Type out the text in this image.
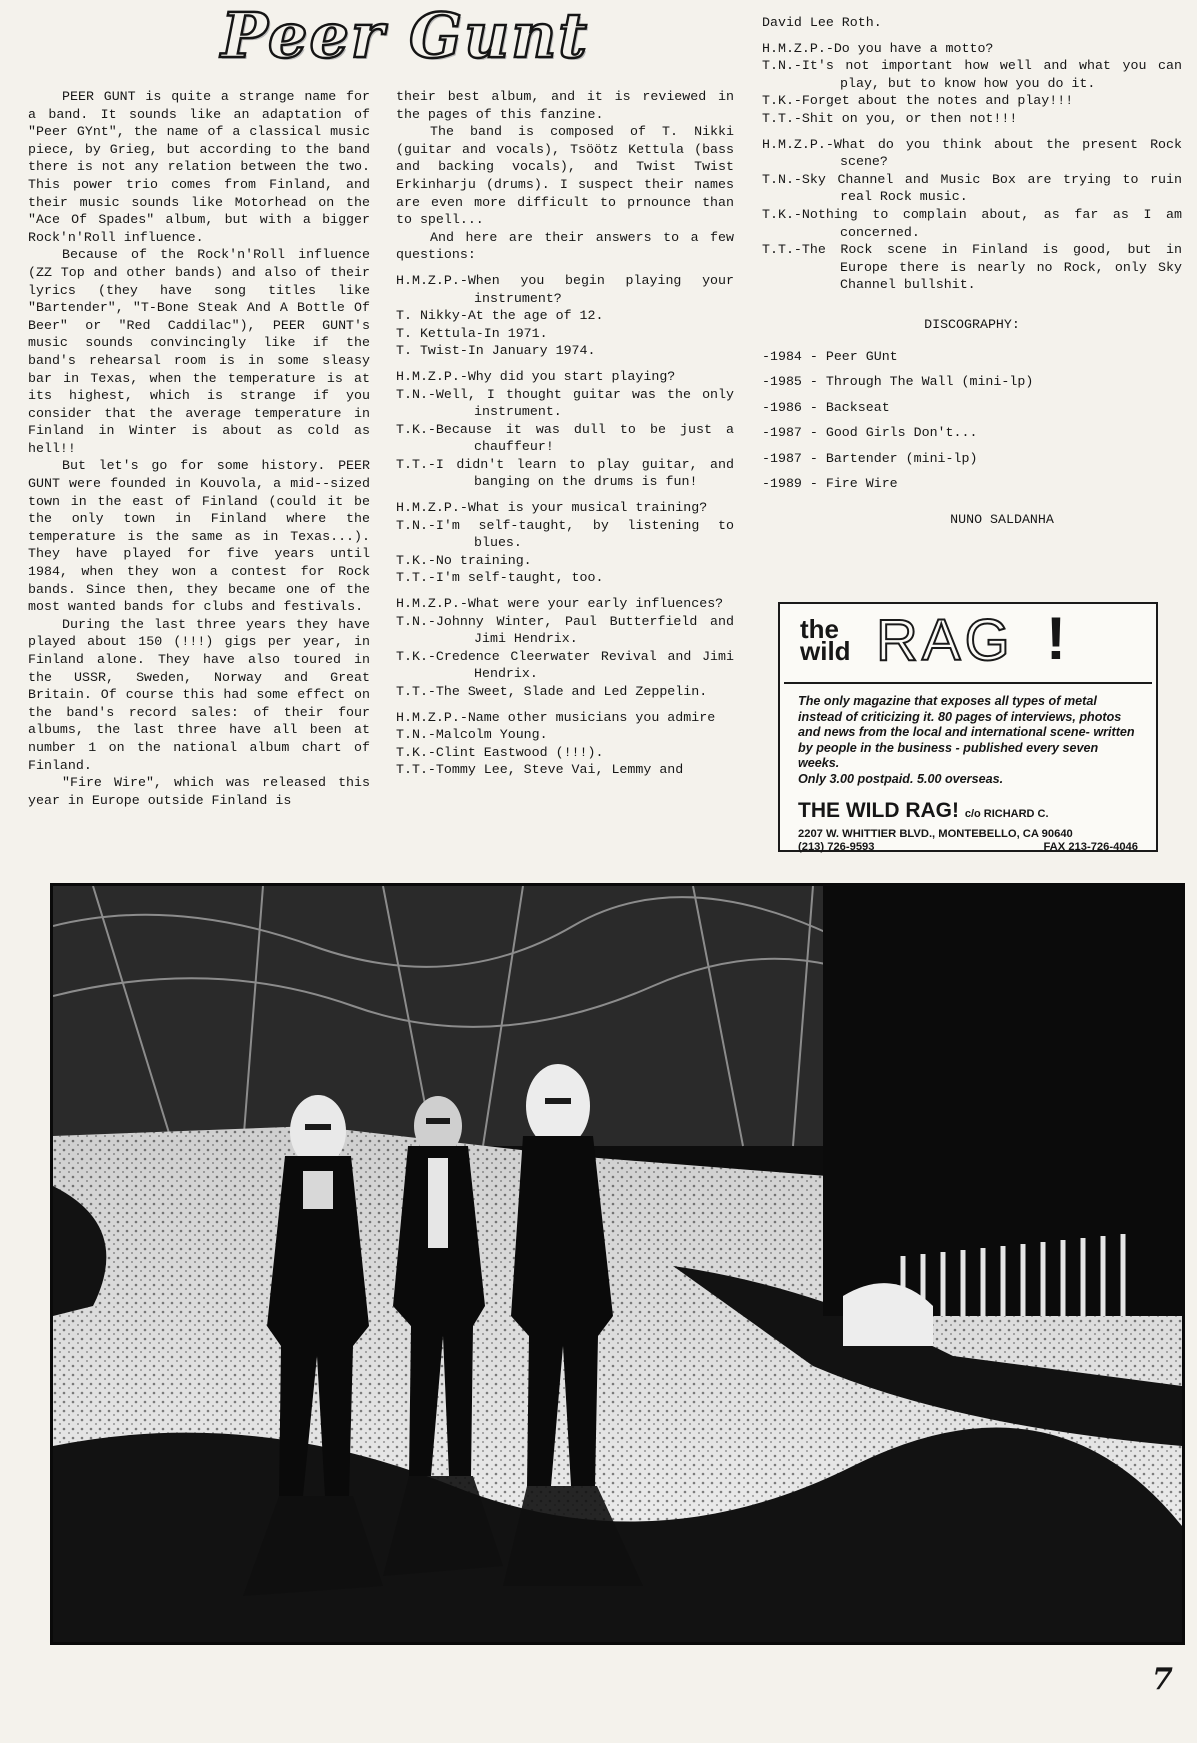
Peer Gunt

PEER GUNT is quite a strange name for a band. It sounds like an adaptation of "Peer GYnt", the name of a classical music piece, by Grieg, but according to the band there is not any relation between the two. This power trio comes from Finland, and their music sounds like Motorhead on the "Ace Of Spades" album, but with a bigger Rock'n'Roll influence.

Because of the Rock'n'Roll influence (ZZ Top and other bands) and also of their lyrics (they have song titles like "Bartender", "T-Bone Steak And A Bottle Of Beer" or "Red Caddilac"), PEER GUNT's music sounds convincingly like if the band's rehearsal room is in some sleasy bar in Texas, when the temperature is at its highest, which is strange if you consider that the average temperature in Finland in Winter is about as cold as hell!!

But let's go for some history. PEER GUNT were founded in Kouvola, a mid--sized town in the east of Finland (could it be the only town in Finland where the temperature is the same as in Texas...). They have played for five years until 1984, when they won a contest for Rock bands. Since then, they became one of the most wanted bands for clubs and festivals.

During the last three years they have played about 150 (!!!) gigs per year, in Finland alone. They have also toured in the USSR, Sweden, Norway and Great Britain. Of course this had some effect on the band's record sales: of their four albums, the last three have all been at number 1 on the national album chart of Finland.

"Fire Wire", which was released this year in Europe outside Finland is

their best album, and it is reviewed in the pages of this fanzine.

The band is composed of T. Nikki (guitar and vocals), Tsöötz Kettula (bass and backing vocals), and Twist Twist Erkinharju (drums). I suspect their names are even more difficult to prnounce than to spell...

And here are their answers to a few questions:

H.M.Z.P.-When you begin playing your instrument?
T. Nikky-At the age of 12.
T. Kettula-In 1971.
T. Twist-In January 1974.
H.M.Z.P.-Why did you start playing?
T.N.-Well, I thought guitar was the only instrument.
T.K.-Because it was dull to be just a chauffeur!
T.T.-I didn't learn to play guitar, and banging on the drums is fun!
H.M.Z.P.-What is your musical training?
T.N.-I'm self-taught, by listening to blues.
T.K.-No training.
T.T.-I'm self-taught, too.
H.M.Z.P.-What were your early influences?
T.N.-Johnny Winter, Paul Butterfield and Jimi Hendrix.
T.K.-Credence Cleerwater Revival and Jimi Hendrix.
T.T.-The Sweet, Slade and Led Zeppelin.
H.M.Z.P.-Name other musicians you admire
T.N.-Malcolm Young.
T.K.-Clint Eastwood (!!!).
T.T.-Tommy Lee, Steve Vai, Lemmy and
David Lee Roth.
H.M.Z.P.-Do you have a motto?
T.N.-It's not important how well and what you can play, but to know how you do it.
T.K.-Forget about the notes and play!!!
T.T.-Shit on you, or then not!!!
H.M.Z.P.-What do you think about the present Rock scene?
T.N.-Sky Channel and Music Box are trying to ruin real Rock music.
T.K.-Nothing to complain about, as far as I am concerned.
T.T.-The Rock scene in Finland is good, but in Europe there is nearly no Rock, only Sky Channel bullshit.
DISCOGRAPHY:
-1984 - Peer GUnt
-1985 - Through The Wall (mini-lp)
-1986 - Backseat
-1987 - Good Girls Don't...
-1987 - Bartender (mini-lp)
-1989 - Fire Wire
NUNO SALDANHA
the
wild RAG !
The only magazine that exposes all types of metal instead of criticizing it. 80 pages of interviews, photos and news from the local and international scene- written by people in the business - published every seven weeks.
Only 3.00 postpaid. 5.00 overseas.
THE WILD RAG! c/o RICHARD C.
2207 W. WHITTIER BLVD., MONTEBELLO, CA 90640
(213) 726-9593	FAX 213-726-4046
7
